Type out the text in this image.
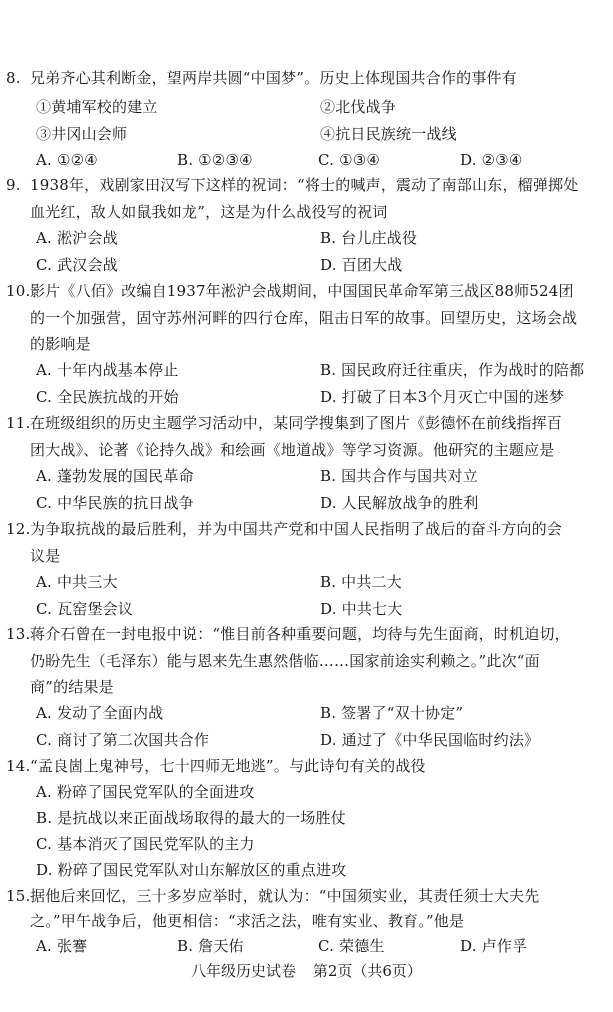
8. 兄弟齐心其利断金，望两岸共圆“中国梦”。历史上体现国共合作的事件有
①黄埔军校的建立	②北伐战争
③井冈山会师	④抗日民族统一战线
A. ①②④	B. ①②③④	C. ①③④	D. ②③④
9. 1938年，戏剧家田汉写下这样的祝词：“将士的喊声，震动了南部山东，榴弹掷处
血光红，敌人如鼠我如龙”，这是为什么战役写的祝词
A. 淞沪会战	B. 台儿庄战役
C. 武汉会战	D. 百团大战
10. 影片《八佰》改编自1937年淞沪会战期间，中国国民革命军第三战区88师524团
的一个加强营，固守苏州河畔的四行仓库，阻击日军的故事。回望历史，这场会战
的影响是
A. 十年内战基本停止	B. 国民政府迁往重庆，作为战时的陪都
C. 全民族抗战的开始	D. 打破了日本3个月灭亡中国的迷梦
11. 在班级组织的历史主题学习活动中，某同学搜集到了图片《彭德怀在前线指挥百
团大战》、论著《论持久战》和绘画《地道战》等学习资源。他研究的主题应是
A. 蓬勃发展的国民革命	B. 国共合作与国共对立
C. 中华民族的抗日战争	D. 人民解放战争的胜利
12. 为争取抗战的最后胜利，并为中国共产党和中国人民指明了战后的奋斗方向的会
议是
A. 中共三大	B. 中共二大
C. 瓦窑堡会议	D. 中共七大
13. 蒋介石曾在一封电报中说：“惟目前各种重要问题，均待与先生面商，时机迫切，
仍盼先生（毛泽东）能与恩来先生惠然偕临……国家前途实利赖之。”此次“面
商”的结果是
A. 发动了全面内战	B. 签署了“双十协定”
C. 商讨了第二次国共合作	D. 通过了《中华民国临时约法》
14. “孟良崮上鬼神号，七十四师无地逃”。与此诗句有关的战役
A. 粉碎了国民党军队的全面进攻
B. 是抗战以来正面战场取得的最大的一场胜仗
C. 基本消灭了国民党军队的主力
D. 粉碎了国民党军队对山东解放区的重点进攻
15. 据他后来回忆，三十多岁应举时，就认为：“中国须实业，其责任须士大夫先
之。”甲午战争后，他更相信：“求活之法，唯有实业、教育。”他是
A. 张謇	B. 詹天佑	C. 荣德生	D. 卢作孚
八年级历史试卷 第2页（共6页）
